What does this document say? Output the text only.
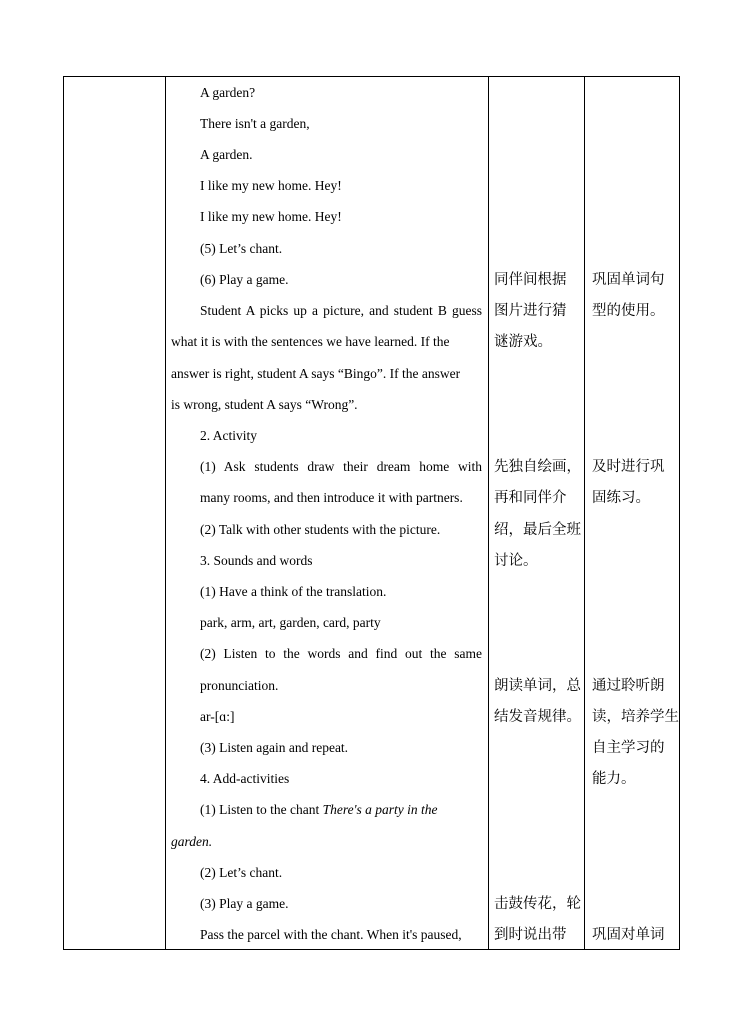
A garden?
There isn't a garden,
A garden.
I like my new home. Hey!
I like my new home. Hey!
(5) Let’s chant.
(6) Play a game.
Student A picks up a picture, and student B guess
what it is with the sentences we have learned. If the
answer is right, student A says “Bingo”. If the answer
is wrong, student A says “Wrong”.
2. Activity
(1) Ask students draw their dream home with
many rooms, and then introduce it with partners.
(2) Talk with other students with the picture.
3. Sounds and words
(1) Have a think of the translation.
park, arm, art, garden, card, party
(2) Listen to the words and find out the same
pronunciation.
ar-[ɑ:]
(3) Listen again and repeat.
4. Add-activities
(1) Listen to the chant There's a party in the
garden.
(2) Let’s chant.
(3) Play a game.
Pass the parcel with the chant. When it's paused,
同伴间根据
图片进行猜
谜游戏。
先独自绘画，
再和同伴介
绍，最后全班
讨论。
朗读单词，总
结发音规律。
击鼓传花，轮
到时说出带
巩固单词句
型的使用。
及时进行巩
固练习。
通过聆听朗
读，培养学生
自主学习的
能力。
巩固对单词
